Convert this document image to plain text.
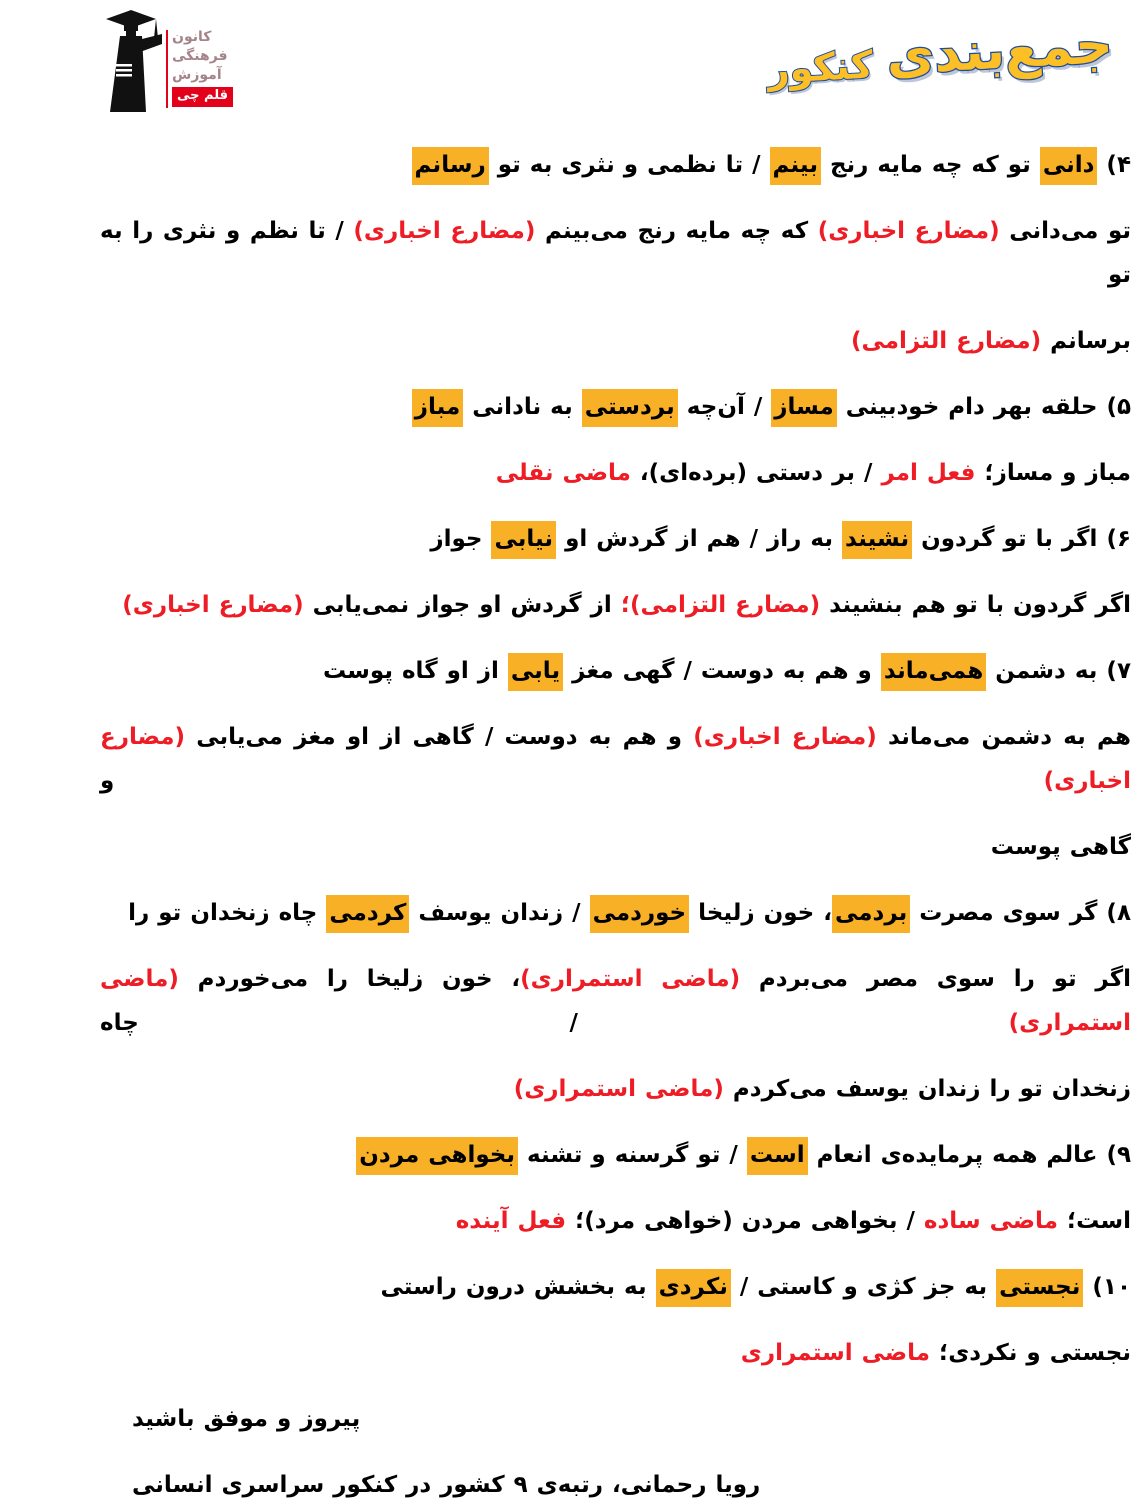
کانون
فرهنگی
آموزش
قلم چی
جمع‌بندی
کنکور

۴) دانی تو که چه مایه رنج بینم / تا نظمی و نثری به تو رسانم

تو می‌دانی (مضارع اخباری) که چه مایه رنج می‌بینم (مضارع اخباری) / تا نظم و نثری را به تو

برسانم (مضارع التزامی)

۵) حلقه بهر دام خودبینی مساز / آن‌چه بردستی به نادانی مباز

مباز و مساز؛ فعل امر / بر دستی (برده‌ای)، ماضی نقلی

۶) اگر با تو گردون نشیند به راز / هم از گردش او نیابی جواز

اگر گردون با تو هم بنشیند (مضارع التزامی)؛ از گردش او جواز نمی‌یابی (مضارع اخباری)

۷) به دشمن همی‌ماند و هم به دوست / گهی مغز یابی از او گاه پوست

هم به دشمن می‌ماند (مضارع اخباری) و هم به دوست / گاهی از او مغز می‌یابی (مضارع اخباری) و

گاهی پوست

۸) گر سوی مصرت بردمی، خون زلیخا خوردمی / زندان یوسف کردمی چاه زنخدان تو را

اگر تو را سوی مصر می‌بردم (ماضی استمراری)، خون زلیخا را می‌خوردم (ماضی استمراری) / چاه

زنخدان تو را زندان یوسف می‌کردم (ماضی استمراری)

۹) عالم همه پرمایده‌ی انعام است / تو گرسنه و تشنه بخواهی مردن

است؛ ماضی ساده / بخواهی مردن (خواهی مرد)؛ فعل آینده

۱۰) نجستی به جز کژی و کاستی / نکردی به بخشش درون راستی

نجستی و نکردی؛ ماضی استمراری

پیروز و موفق باشید

رویا رحمانی، رتبه‌ی ۹ کشور در کنکور سراسری انسانی
